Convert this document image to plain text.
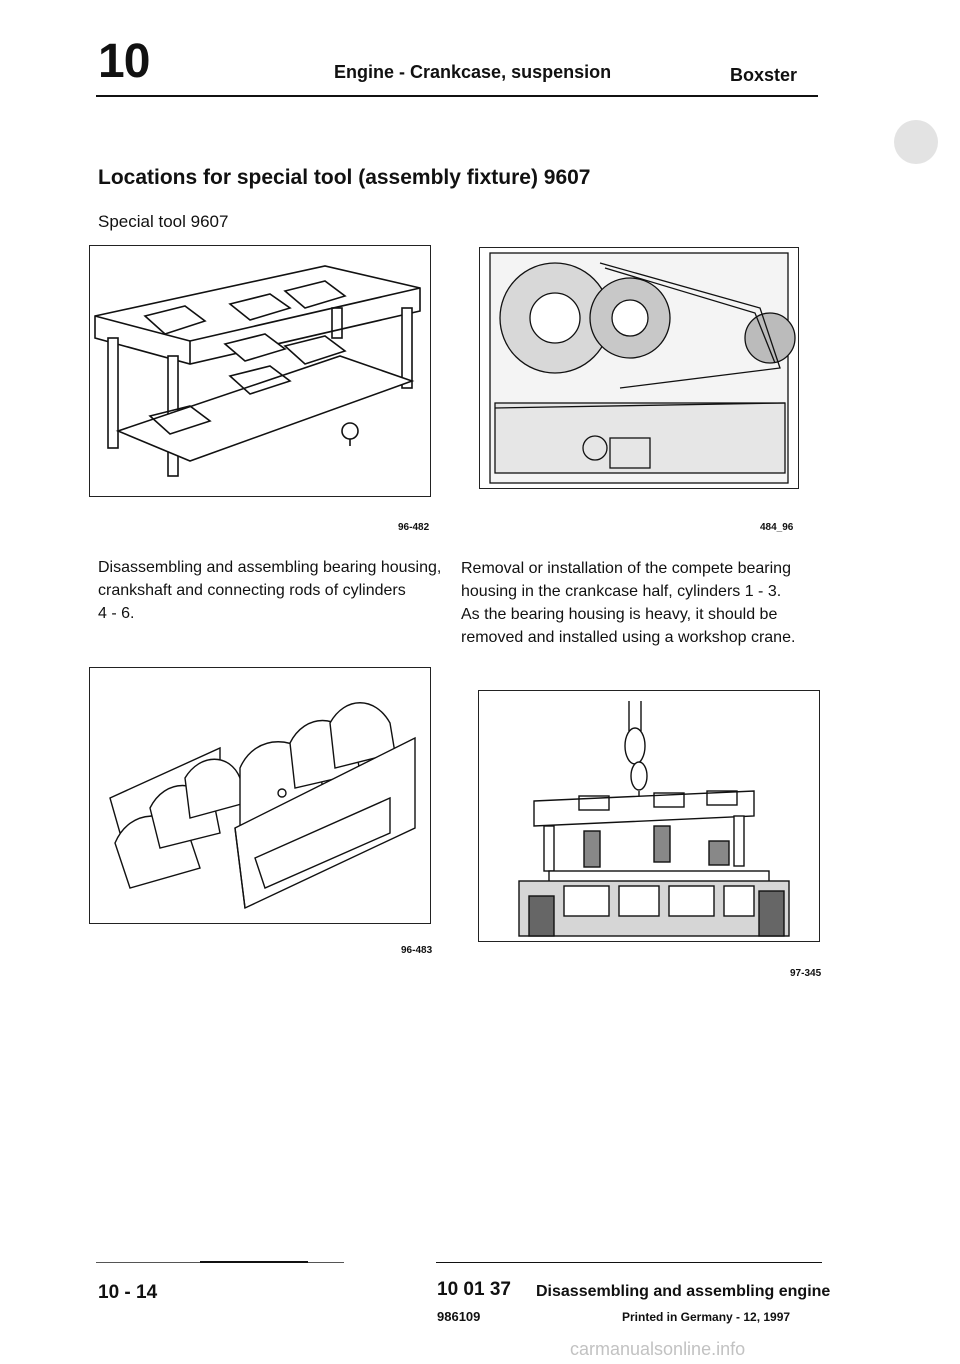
10	Engine - Crankcase, suspension	Boxster
Locations for special tool (assembly fixture) 9607
Special tool 9607
96-482	484_96
Disassembling and assembling bearing housing,
crankshaft and connecting rods of cylinders
4 - 6.
Removal or installation of the compete bearing
housing in the crankcase half, cylinders 1 - 3.
As the bearing housing is heavy, it should be
removed and installed using a workshop crane.
96-483
97-345
10 - 14	10 01 37 Disassembling and assembling engine
986109	Printed in Germany - 12, 1997
carmanualsonline.info
